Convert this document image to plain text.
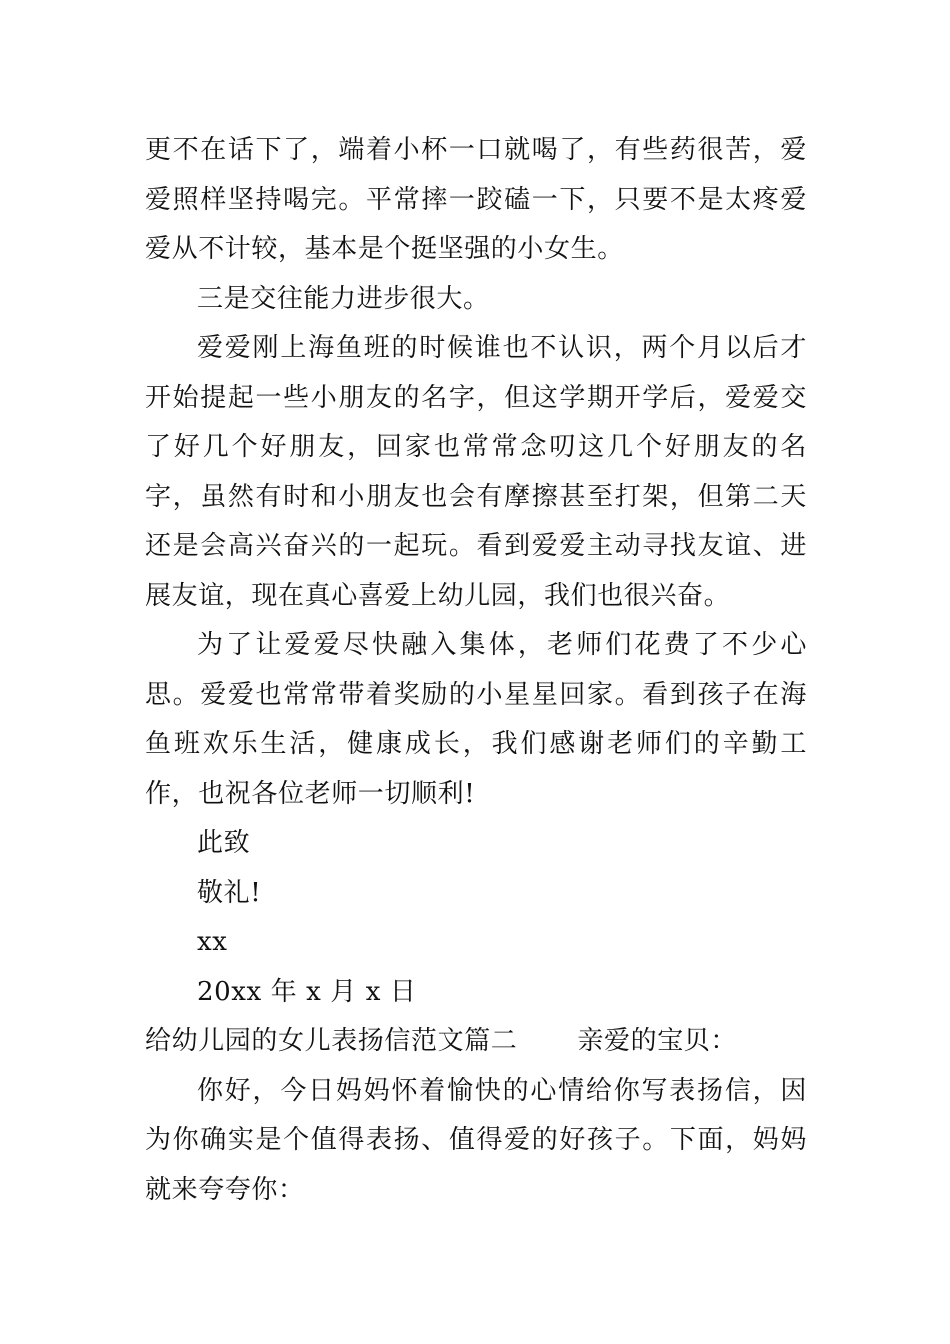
更不在话下了，端着小杯一口就喝了，有些药很苦，爱爱照样坚持喝完。平常摔一跤磕一下，只要不是太疼爱爱从不计较，基本是个挺坚强的小女生。

三是交往能力进步很大。

爱爱刚上海鱼班的时候谁也不认识，两个月以后才开始提起一些小朋友的名字，但这学期开学后，爱爱交了好几个好朋友，回家也常常念叨这几个好朋友的名字，虽然有时和小朋友也会有摩擦甚至打架，但第二天还是会高兴奋兴的一起玩。看到爱爱主动寻找友谊、进展友谊，现在真心喜爱上幼儿园，我们也很兴奋。

为了让爱爱尽快融入集体，老师们花费了不少心思。爱爱也常常带着奖励的小星星回家。看到孩子在海鱼班欢乐生活，健康成长，我们感谢老师们的辛勤工作，也祝各位老师一切顺利!

此致

敬礼!

xx

20xx 年 x 月 x 日

给幼儿园的女儿表扬信范文篇二 亲爱的宝贝：

你好，今日妈妈怀着愉快的心情给你写表扬信，因为你确实是个值得表扬、值得爱的好孩子。下面，妈妈就来夸夸你：
